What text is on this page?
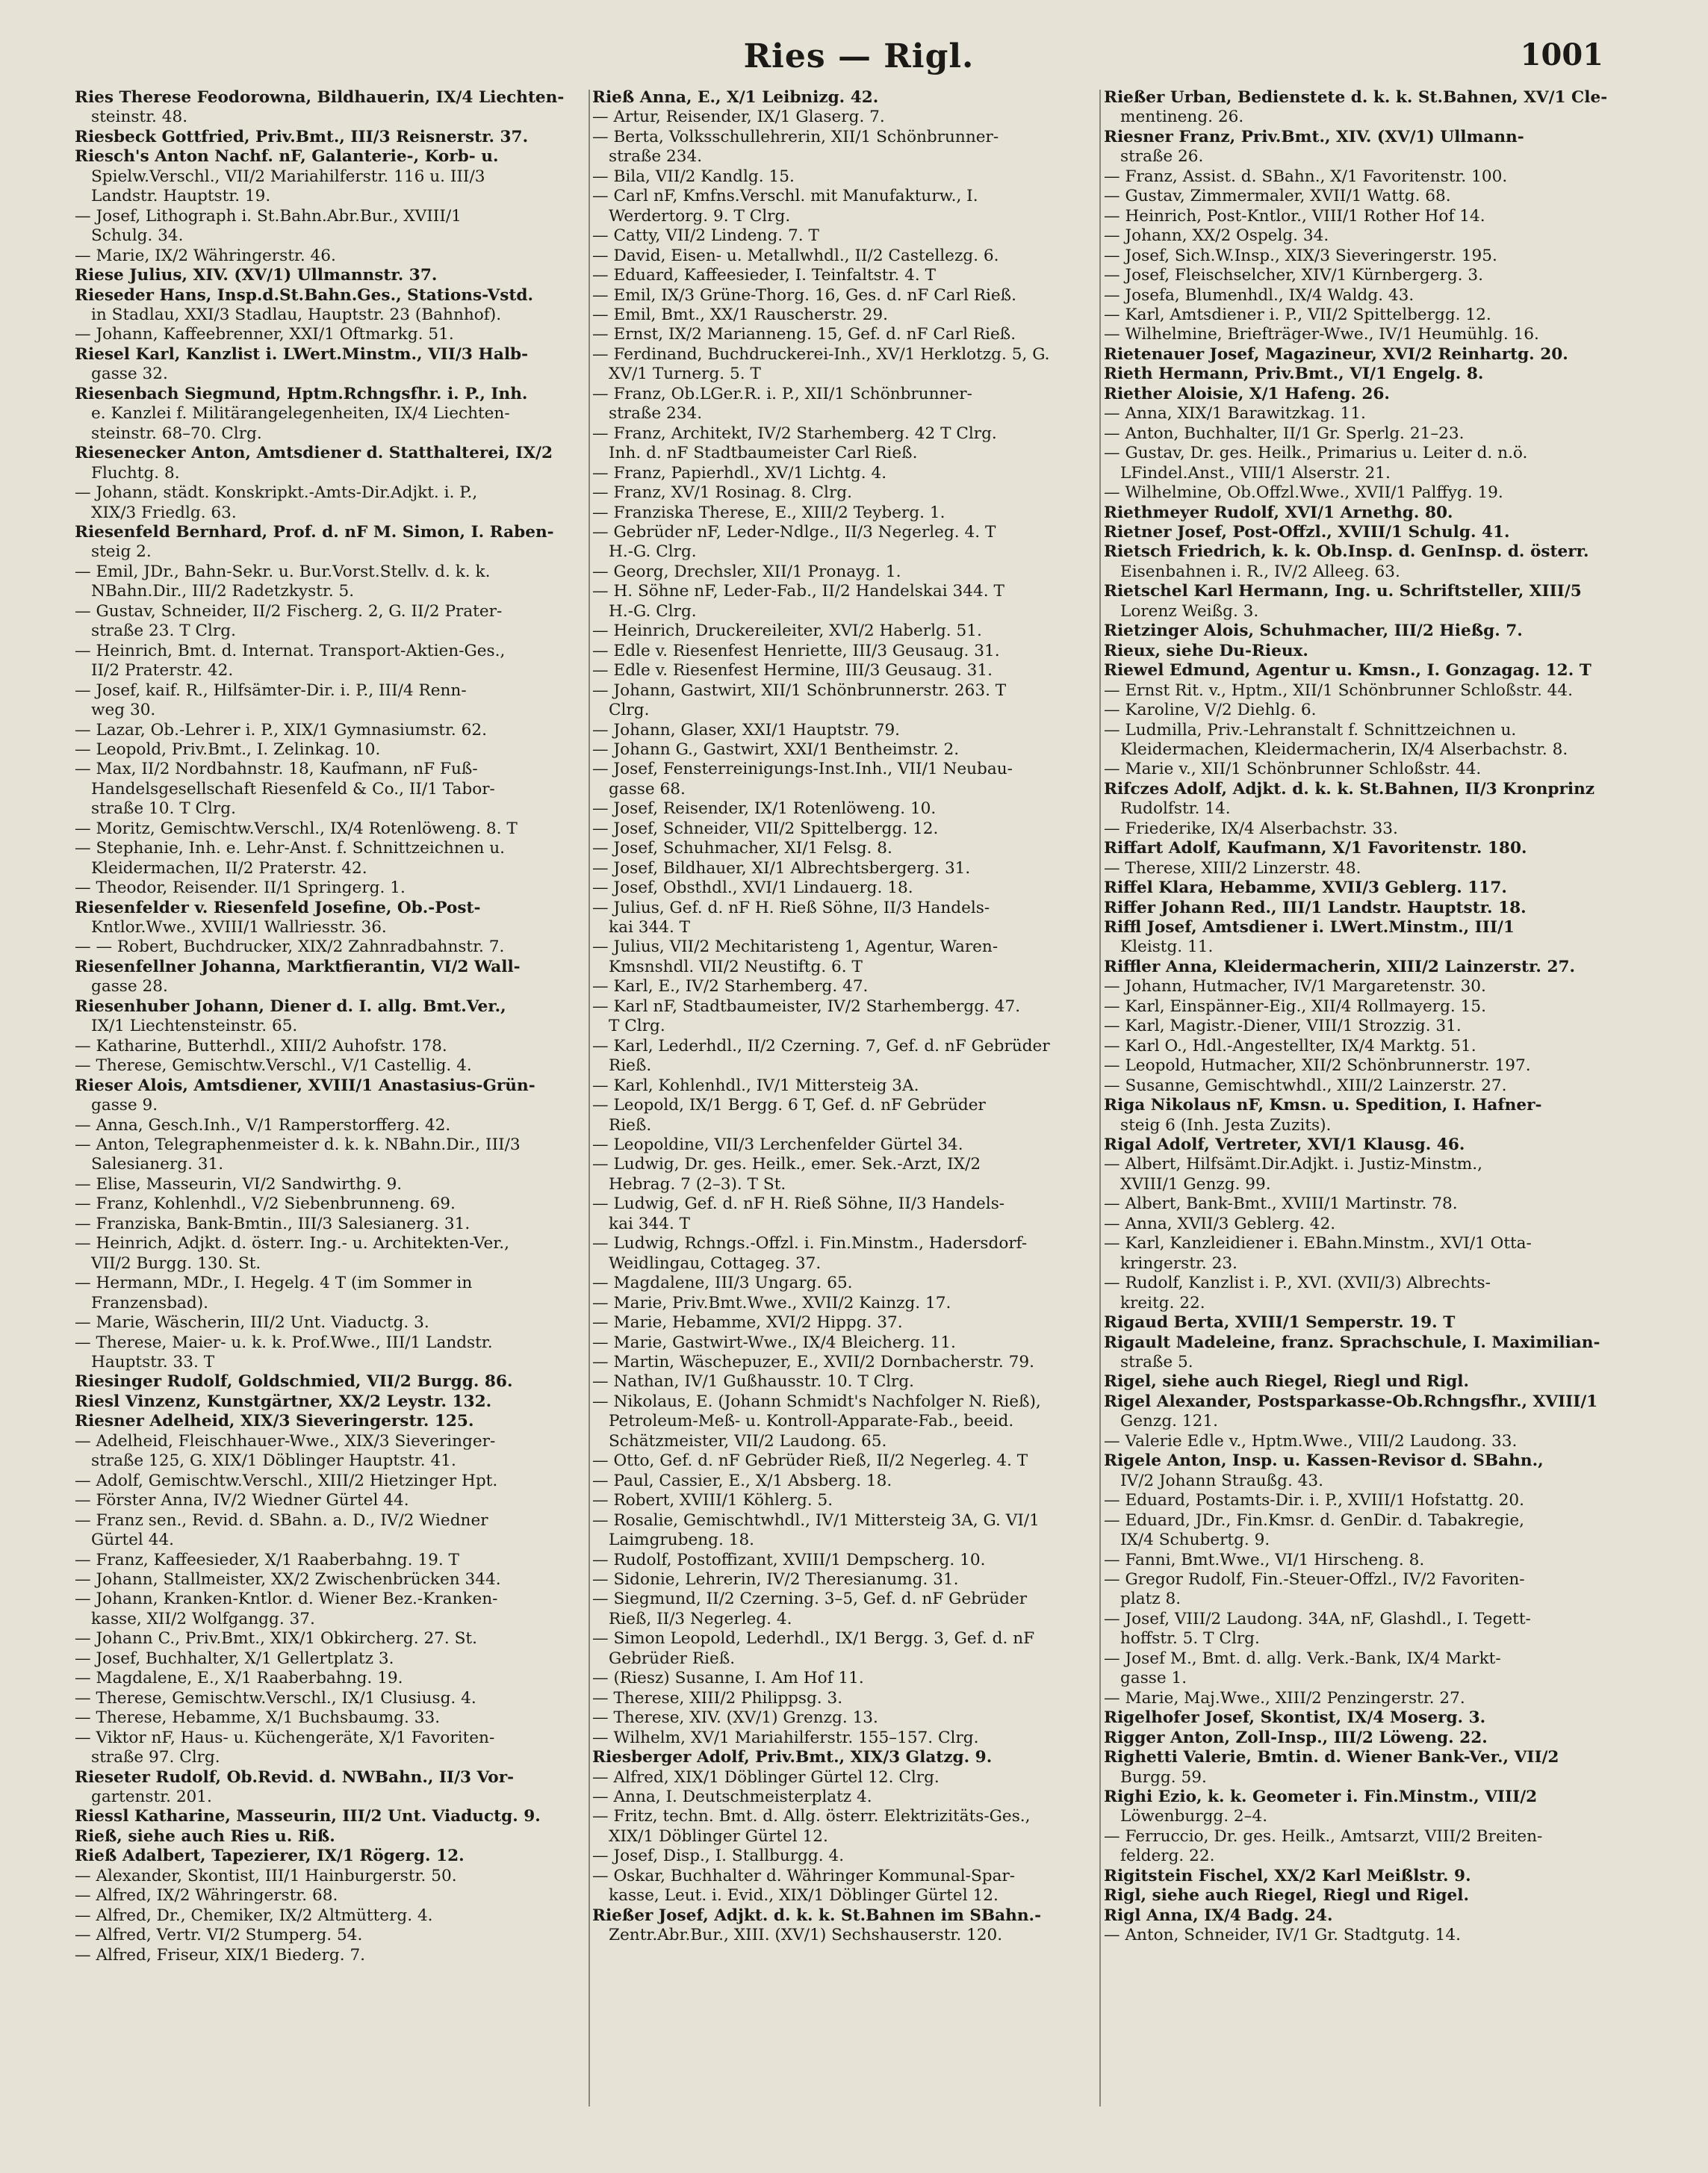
Ries — Rigl.	1001
Ries Therese Feodorowna, Bildhauerin, IX/4 Liechten-
steinstr. 48.
Riesbeck Gottfried, Priv.Bmt., III/3 Reisnerstr. 37.
Riesch's Anton Nachf. nF, Galanterie-, Korb- u.
Spielw.Verschl., VII/2 Mariahilferstr. 116 u. III/3
Landstr. Hauptstr. 19.
— Josef, Lithograph i. St.Bahn.Abr.Bur., XVIII/1
Schulg. 34.
— Marie, IX/2 Währingerstr. 46.
Riese Julius, XIV. (XV/1) Ullmannstr. 37.
Rieseder Hans, Insp.d.St.Bahn.Ges., Stations-Vstd.
in Stadlau, XXI/3 Stadlau, Hauptstr. 23 (Bahnhof).
— Johann, Kaffeebrenner, XXI/1 Oftmarkg. 51.
Riesel Karl, Kanzlist i. LWert.Minstm., VII/3 Halb-
gasse 32.
Riesenbach Siegmund, Hptm.Rchngsfhr. i. P., Inh.
e. Kanzlei f. Militärangelegenheiten, IX/4 Liechten-
steinstr. 68–70. Clrg.
Riesenecker Anton, Amtsdiener d. Statthalterei, IX/2
Fluchtg. 8.
— Johann, städt. Konskripkt.-Amts-Dir.Adjkt. i. P.,
XIX/3 Friedlg. 63.
Riesenfeld Bernhard, Prof. d. nF M. Simon, I. Raben-
steig 2.
— Emil, JDr., Bahn-Sekr. u. Bur.Vorst.Stellv. d. k. k.
NBahn.Dir., III/2 Radetzkystr. 5.
— Gustav, Schneider, II/2 Fischerg. 2, G. II/2 Prater-
straße 23. T Clrg.
— Heinrich, Bmt. d. Internat. Transport-Aktien-Ges.,
II/2 Praterstr. 42.
— Josef, kaif. R., Hilfsämter-Dir. i. P., III/4 Renn-
weg 30.
— Lazar, Ob.-Lehrer i. P., XIX/1 Gymnasiumstr. 62.
— Leopold, Priv.Bmt., I. Zelinkag. 10.
— Max, II/2 Nordbahnstr. 18, Kaufmann, nF Fuß-
Handelsgesellschaft Riesenfeld & Co., II/1 Tabor-
straße 10. T Clrg.
— Moritz, Gemischtw.Verschl., IX/4 Rotenlöweng. 8. T
— Stephanie, Inh. e. Lehr-Anst. f. Schnittzeichnen u.
Kleidermachen, II/2 Praterstr. 42.
— Theodor, Reisender. II/1 Springerg. 1.
Riesenfelder v. Riesenfeld Josefine, Ob.-Post-
Kntlor.Wwe., XVIII/1 Wallriesstr. 36.
— — Robert, Buchdrucker, XIX/2 Zahnradbahnstr. 7.
Riesenfellner Johanna, Marktfierantin, VI/2 Wall-
gasse 28.
Riesenhuber Johann, Diener d. I. allg. Bmt.Ver.,
IX/1 Liechtensteinstr. 65.
— Katharine, Butterhdl., XIII/2 Auhofstr. 178.
— Therese, Gemischtw.Verschl., V/1 Castellig. 4.
Rieser Alois, Amtsdiener, XVIII/1 Anastasius-Grün-
gasse 9.
— Anna, Gesch.Inh., V/1 Ramperstorfferg. 42.
— Anton, Telegraphenmeister d. k. k. NBahn.Dir., III/3
Salesianerg. 31.
— Elise, Masseurin, VI/2 Sandwirthg. 9.
— Franz, Kohlenhdl., V/2 Siebenbrunneng. 69.
— Franziska, Bank-Bmtin., III/3 Salesianerg. 31.
— Heinrich, Adjkt. d. österr. Ing.- u. Architekten-Ver.,
VII/2 Burgg. 130. St.
— Hermann, MDr., I. Hegelg. 4 T (im Sommer in
Franzensbad).
— Marie, Wäscherin, III/2 Unt. Viaductg. 3.
— Therese, Maier- u. k. k. Prof.Wwe., III/1 Landstr.
Hauptstr. 33. T
Riesinger Rudolf, Goldschmied, VII/2 Burgg. 86.
Riesl Vinzenz, Kunstgärtner, XX/2 Leystr. 132.
Riesner Adelheid, XIX/3 Sieveringerstr. 125.
— Adelheid, Fleischhauer-Wwe., XIX/3 Sieveringer-
straße 125, G. XIX/1 Döblinger Hauptstr. 41.
— Adolf, Gemischtw.Verschl., XIII/2 Hietzinger Hpt.
— Förster Anna, IV/2 Wiedner Gürtel 44.
— Franz sen., Revid. d. SBahn. a. D., IV/2 Wiedner
Gürtel 44.
— Franz, Kaffeesieder, X/1 Raaberbahng. 19. T
— Johann, Stallmeister, XX/2 Zwischenbrücken 344.
— Johann, Kranken-Kntlor. d. Wiener Bez.-Kranken-
kasse, XII/2 Wolfgangg. 37.
— Johann C., Priv.Bmt., XIX/1 Obkircherg. 27. St.
— Josef, Buchhalter, X/1 Gellertplatz 3.
— Magdalene, E., X/1 Raaberbahng. 19.
— Therese, Gemischtw.Verschl., IX/1 Clusiusg. 4.
— Therese, Hebamme, X/1 Buchsbaumg. 33.
— Viktor nF, Haus- u. Küchengeräte, X/1 Favoriten-
straße 97. Clrg.
Rieseter Rudolf, Ob.Revid. d. NWBahn., II/3 Vor-
gartenstr. 201.
Riessl Katharine, Masseurin, III/2 Unt. Viaductg. 9.
Rieß, siehe auch Ries u. Riß.
Rieß Adalbert, Tapezierer, IX/1 Rögerg. 12.
— Alexander, Skontist, III/1 Hainburgerstr. 50.
— Alfred, IX/2 Währingerstr. 68.
— Alfred, Dr., Chemiker, IX/2 Altmütterg. 4.
— Alfred, Vertr. VI/2 Stumperg. 54.
— Alfred, Friseur, XIX/1 Biederg. 7.
Rieß Anna, E., X/1 Leibnizg. 42.
— Artur, Reisender, IX/1 Glaserg. 7.
— Berta, Volksschullehrerin, XII/1 Schönbrunner-
straße 234.
— Bila, VII/2 Kandlg. 15.
— Carl nF, Kmfns.Verschl. mit Manufakturw., I.
Werdertorg. 9. T Clrg.
— Catty, VII/2 Lindeng. 7. T
— David, Eisen- u. Metallwhdl., II/2 Castellezg. 6.
— Eduard, Kaffeesieder, I. Teinfaltstr. 4. T
— Emil, IX/3 Grüne-Thorg. 16, Ges. d. nF Carl Rieß.
— Emil, Bmt., XX/1 Rauscherstr. 29.
— Ernst, IX/2 Marianneng. 15, Gef. d. nF Carl Rieß.
— Ferdinand, Buchdruckerei-Inh., XV/1 Herklotzg. 5, G.
XV/1 Turnerg. 5. T
— Franz, Ob.LGer.R. i. P., XII/1 Schönbrunner-
straße 234.
— Franz, Architekt, IV/2 Starhemberg. 42 T Clrg.
Inh. d. nF Stadtbaumeister Carl Rieß.
— Franz, Papierhdl., XV/1 Lichtg. 4.
— Franz, XV/1 Rosinag. 8. Clrg.
— Franziska Therese, E., XIII/2 Teyberg. 1.
— Gebrüder nF, Leder-Ndlge., II/3 Negerleg. 4. T
H.-G. Clrg.
— Georg, Drechsler, XII/1 Pronayg. 1.
— H. Söhne nF, Leder-Fab., II/2 Handelskai 344. T
H.-G. Clrg.
— Heinrich, Druckereileiter, XVI/2 Haberlg. 51.
— Edle v. Riesenfest Henriette, III/3 Geusaug. 31.
— Edle v. Riesenfest Hermine, III/3 Geusaug. 31.
— Johann, Gastwirt, XII/1 Schönbrunnerstr. 263. T
Clrg.
— Johann, Glaser, XXI/1 Hauptstr. 79.
— Johann G., Gastwirt, XXI/1 Bentheimstr. 2.
— Josef, Fensterreinigungs-Inst.Inh., VII/1 Neubau-
gasse 68.
— Josef, Reisender, IX/1 Rotenlöweng. 10.
— Josef, Schneider, VII/2 Spittelbergg. 12.
— Josef, Schuhmacher, XI/1 Felsg. 8.
— Josef, Bildhauer, XI/1 Albrechtsbergerg. 31.
— Josef, Obsthdl., XVI/1 Lindauerg. 18.
— Julius, Gef. d. nF H. Rieß Söhne, II/3 Handels-
kai 344. T
— Julius, VII/2 Mechitaristeng 1, Agentur, Waren-
Kmsnshdl. VII/2 Neustiftg. 6. T
— Karl, E., IV/2 Starhemberg. 47.
— Karl nF, Stadtbaumeister, IV/2 Starhembergg. 47.
T Clrg.
— Karl, Lederhdl., II/2 Czerning. 7, Gef. d. nF Gebrüder
Rieß.
— Karl, Kohlenhdl., IV/1 Mittersteig 3A.
— Leopold, IX/1 Bergg. 6 T, Gef. d. nF Gebrüder
Rieß.
— Leopoldine, VII/3 Lerchenfelder Gürtel 34.
— Ludwig, Dr. ges. Heilk., emer. Sek.-Arzt, IX/2
Hebrag. 7 (2–3). T St.
— Ludwig, Gef. d. nF H. Rieß Söhne, II/3 Handels-
kai 344. T
— Ludwig, Rchngs.-Offzl. i. Fin.Minstm., Hadersdorf-
Weidlingau, Cottageg. 37.
— Magdalene, III/3 Ungarg. 65.
— Marie, Priv.Bmt.Wwe., XVII/2 Kainzg. 17.
— Marie, Hebamme, XVI/2 Hippg. 37.
— Marie, Gastwirt-Wwe., IX/4 Bleicherg. 11.
— Martin, Wäschepuzer, E., XVII/2 Dornbacherstr. 79.
— Nathan, IV/1 Gußhausstr. 10. T Clrg.
— Nikolaus, E. (Johann Schmidt's Nachfolger N. Rieß),
Petroleum-Meß- u. Kontroll-Apparate-Fab., beeid.
Schätzmeister, VII/2 Laudong. 65.
— Otto, Gef. d. nF Gebrüder Rieß, II/2 Negerleg. 4. T
— Paul, Cassier, E., X/1 Absberg. 18.
— Robert, XVIII/1 Köhlerg. 5.
— Rosalie, Gemischtwhdl., IV/1 Mittersteig 3A, G. VI/1
Laimgrubeng. 18.
— Rudolf, Postoffizant, XVIII/1 Dempscherg. 10.
— Sidonie, Lehrerin, IV/2 Theresianumg. 31.
— Siegmund, II/2 Czerning. 3–5, Gef. d. nF Gebrüder
Rieß, II/3 Negerleg. 4.
— Simon Leopold, Lederhdl., IX/1 Bergg. 3, Gef. d. nF
Gebrüder Rieß.
— (Riesz) Susanne, I. Am Hof 11.
— Therese, XIII/2 Philippsg. 3.
— Therese, XIV. (XV/1) Grenzg. 13.
— Wilhelm, XV/1 Mariahilferstr. 155–157. Clrg.
Riesberger Adolf, Priv.Bmt., XIX/3 Glatzg. 9.
— Alfred, XIX/1 Döblinger Gürtel 12. Clrg.
— Anna, I. Deutschmeisterplatz 4.
— Fritz, techn. Bmt. d. Allg. österr. Elektrizitäts-Ges.,
XIX/1 Döblinger Gürtel 12.
— Josef, Disp., I. Stallburgg. 4.
— Oskar, Buchhalter d. Währinger Kommunal-Spar-
kasse, Leut. i. Evid., XIX/1 Döblinger Gürtel 12.
Rießer Josef, Adjkt. d. k. k. St.Bahnen im SBahn.-
Zentr.Abr.Bur., XIII. (XV/1) Sechshauserstr. 120.
Rießer Urban, Bedienstete d. k. k. St.Bahnen, XV/1 Cle-
mentineng. 26.
Riesner Franz, Priv.Bmt., XIV. (XV/1) Ullmann-
straße 26.
— Franz, Assist. d. SBahn., X/1 Favoritenstr. 100.
— Gustav, Zimmermaler, XVII/1 Wattg. 68.
— Heinrich, Post-Kntlor., VIII/1 Rother Hof 14.
— Johann, XX/2 Ospelg. 34.
— Josef, Sich.W.Insp., XIX/3 Sieveringerstr. 195.
— Josef, Fleischselcher, XIV/1 Kürnbergerg. 3.
— Josefa, Blumenhdl., IX/4 Waldg. 43.
— Karl, Amtsdiener i. P., VII/2 Spittelbergg. 12.
— Wilhelmine, Briefträger-Wwe., IV/1 Heumühlg. 16.
Rietenauer Josef, Magazineur, XVI/2 Reinhartg. 20.
Rieth Hermann, Priv.Bmt., VI/1 Engelg. 8.
Riether Aloisie, X/1 Hafeng. 26.
— Anna, XIX/1 Barawitzkag. 11.
— Anton, Buchhalter, II/1 Gr. Sperlg. 21–23.
— Gustav, Dr. ges. Heilk., Primarius u. Leiter d. n.ö.
LFindel.Anst., VIII/1 Alserstr. 21.
— Wilhelmine, Ob.Offzl.Wwe., XVII/1 Palffyg. 19.
Riethmeyer Rudolf, XVI/1 Arnethg. 80.
Rietner Josef, Post-Offzl., XVIII/1 Schulg. 41.
Rietsch Friedrich, k. k. Ob.Insp. d. GenInsp. d. österr.
Eisenbahnen i. R., IV/2 Alleeg. 63.
Rietschel Karl Hermann, Ing. u. Schriftsteller, XIII/5
Lorenz Weißg. 3.
Rietzinger Alois, Schuhmacher, III/2 Hießg. 7.
Rieux, siehe Du-Rieux.
Riewel Edmund, Agentur u. Kmsn., I. Gonzagag. 12. T
— Ernst Rit. v., Hptm., XII/1 Schönbrunner Schloßstr. 44.
— Karoline, V/2 Diehlg. 6.
— Ludmilla, Priv.-Lehranstalt f. Schnittzeichnen u.
Kleidermachen, Kleidermacherin, IX/4 Alserbachstr. 8.
— Marie v., XII/1 Schönbrunner Schloßstr. 44.
Rifczes Adolf, Adjkt. d. k. k. St.Bahnen, II/3 Kronprinz
Rudolfstr. 14.
— Friederike, IX/4 Alserbachstr. 33.
Riffart Adolf, Kaufmann, X/1 Favoritenstr. 180.
— Therese, XIII/2 Linzerstr. 48.
Riffel Klara, Hebamme, XVII/3 Geblerg. 117.
Riffer Johann Red., III/1 Landstr. Hauptstr. 18.
Riffl Josef, Amtsdiener i. LWert.Minstm., III/1
Kleistg. 11.
Riffler Anna, Kleidermacherin, XIII/2 Lainzerstr. 27.
— Johann, Hutmacher, IV/1 Margaretenstr. 30.
— Karl, Einspänner-Eig., XII/4 Rollmayerg. 15.
— Karl, Magistr.-Diener, VIII/1 Strozzig. 31.
— Karl O., Hdl.-Angestellter, IX/4 Marktg. 51.
— Leopold, Hutmacher, XII/2 Schönbrunnerstr. 197.
— Susanne, Gemischtwhdl., XIII/2 Lainzerstr. 27.
Riga Nikolaus nF, Kmsn. u. Spedition, I. Hafner-
steig 6 (Inh. Jesta Zuzits).
Rigal Adolf, Vertreter, XVI/1 Klausg. 46.
— Albert, Hilfsämt.Dir.Adjkt. i. Justiz-Minstm.,
XVIII/1 Genzg. 99.
— Albert, Bank-Bmt., XVIII/1 Martinstr. 78.
— Anna, XVII/3 Geblerg. 42.
— Karl, Kanzleidiener i. EBahn.Minstm., XVI/1 Otta-
kringerstr. 23.
— Rudolf, Kanzlist i. P., XVI. (XVII/3) Albrechts-
kreitg. 22.
Rigaud Berta, XVIII/1 Semperstr. 19. T
Rigault Madeleine, franz. Sprachschule, I. Maximilian-
straße 5.
Rigel, siehe auch Riegel, Riegl und Rigl.
Rigel Alexander, Postsparkasse-Ob.Rchngsfhr., XVIII/1
Genzg. 121.
— Valerie Edle v., Hptm.Wwe., VIII/2 Laudong. 33.
Rigele Anton, Insp. u. Kassen-Revisor d. SBahn.,
IV/2 Johann Straußg. 43.
— Eduard, Postamts-Dir. i. P., XVIII/1 Hofstattg. 20.
— Eduard, JDr., Fin.Kmsr. d. GenDir. d. Tabakregie,
IX/4 Schubertg. 9.
— Fanni, Bmt.Wwe., VI/1 Hirscheng. 8.
— Gregor Rudolf, Fin.-Steuer-Offzl., IV/2 Favoriten-
platz 8.
— Josef, VIII/2 Laudong. 34A, nF, Glashdl., I. Tegett-
hoffstr. 5. T Clrg.
— Josef M., Bmt. d. allg. Verk.-Bank, IX/4 Markt-
gasse 1.
— Marie, Maj.Wwe., XIII/2 Penzingerstr. 27.
Rigelhofer Josef, Skontist, IX/4 Moserg. 3.
Rigger Anton, Zoll-Insp., III/2 Löweng. 22.
Righetti Valerie, Bmtin. d. Wiener Bank-Ver., VII/2
Burgg. 59.
Righi Ezio, k. k. Geometer i. Fin.Minstm., VIII/2
Löwenburgg. 2–4.
— Ferruccio, Dr. ges. Heilk., Amtsarzt, VIII/2 Breiten-
felderg. 22.
Rigitstein Fischel, XX/2 Karl Meißlstr. 9.
Rigl, siehe auch Riegel, Riegl und Rigel.
Rigl Anna, IX/4 Badg. 24.
— Anton, Schneider, IV/1 Gr. Stadtgutg. 14.
